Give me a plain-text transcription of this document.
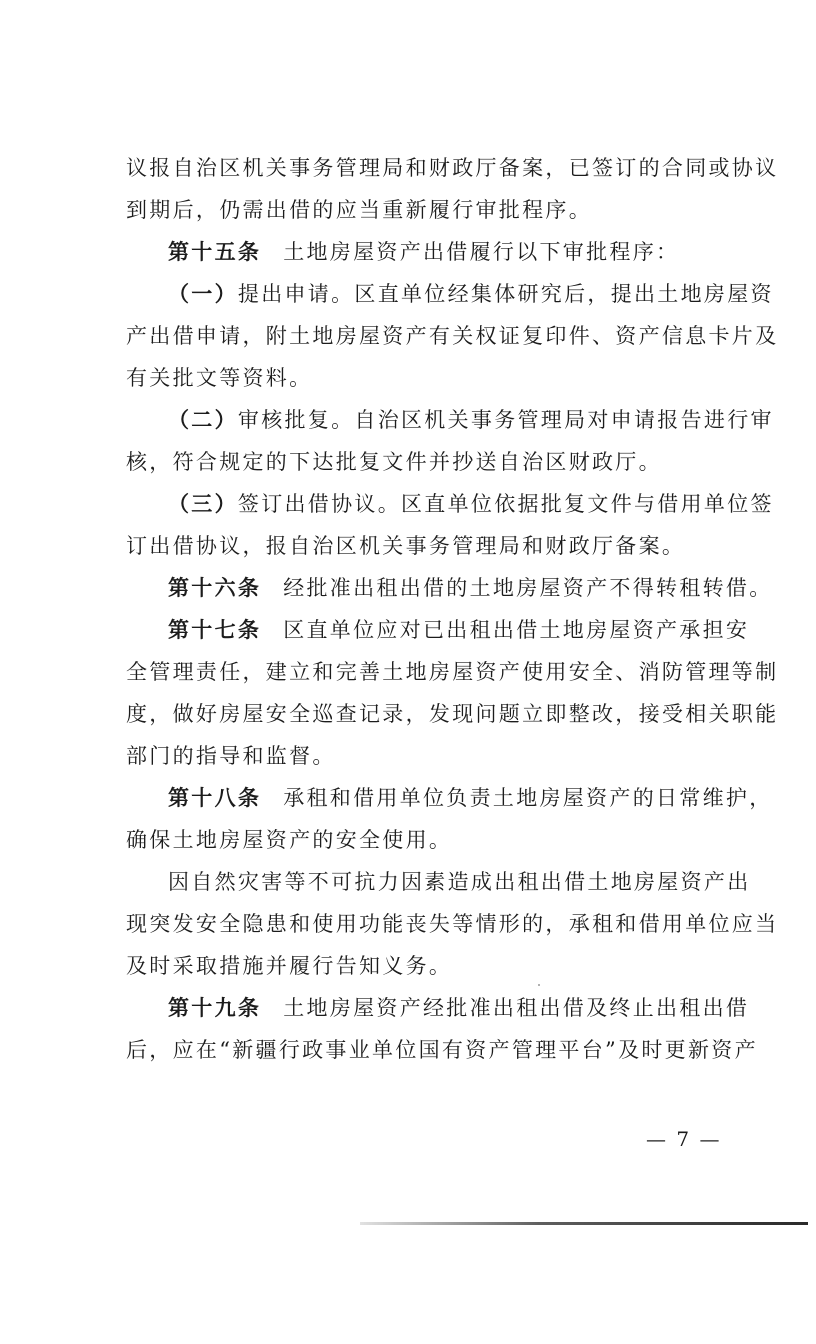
议报自治区机关事务管理局和财政厅备案，已签订的合同或协议
到期后，仍需出借的应当重新履行审批程序。
第十五条 土地房屋资产出借履行以下审批程序：
（一）提出申请。区直单位经集体研究后，提出土地房屋资
产出借申请，附土地房屋资产有关权证复印件、资产信息卡片及
有关批文等资料。
（二）审核批复。自治区机关事务管理局对申请报告进行审
核，符合规定的下达批复文件并抄送自治区财政厅。
（三）签订出借协议。区直单位依据批复文件与借用单位签
订出借协议，报自治区机关事务管理局和财政厅备案。
第十六条 经批准出租出借的土地房屋资产不得转租转借。
第十七条 区直单位应对已出租出借土地房屋资产承担安
全管理责任，建立和完善土地房屋资产使用安全、消防管理等制
度，做好房屋安全巡查记录，发现问题立即整改，接受相关职能
部门的指导和监督。
第十八条 承租和借用单位负责土地房屋资产的日常维护，
确保土地房屋资产的安全使用。
因自然灾害等不可抗力因素造成出租出借土地房屋资产出
现突发安全隐患和使用功能丧失等情形的，承租和借用单位应当
及时采取措施并履行告知义务。
第十九条 土地房屋资产经批准出租出借及终止出租出借
后，应在“新疆行政事业单位国有资产管理平台”及时更新资产
— 7 —
